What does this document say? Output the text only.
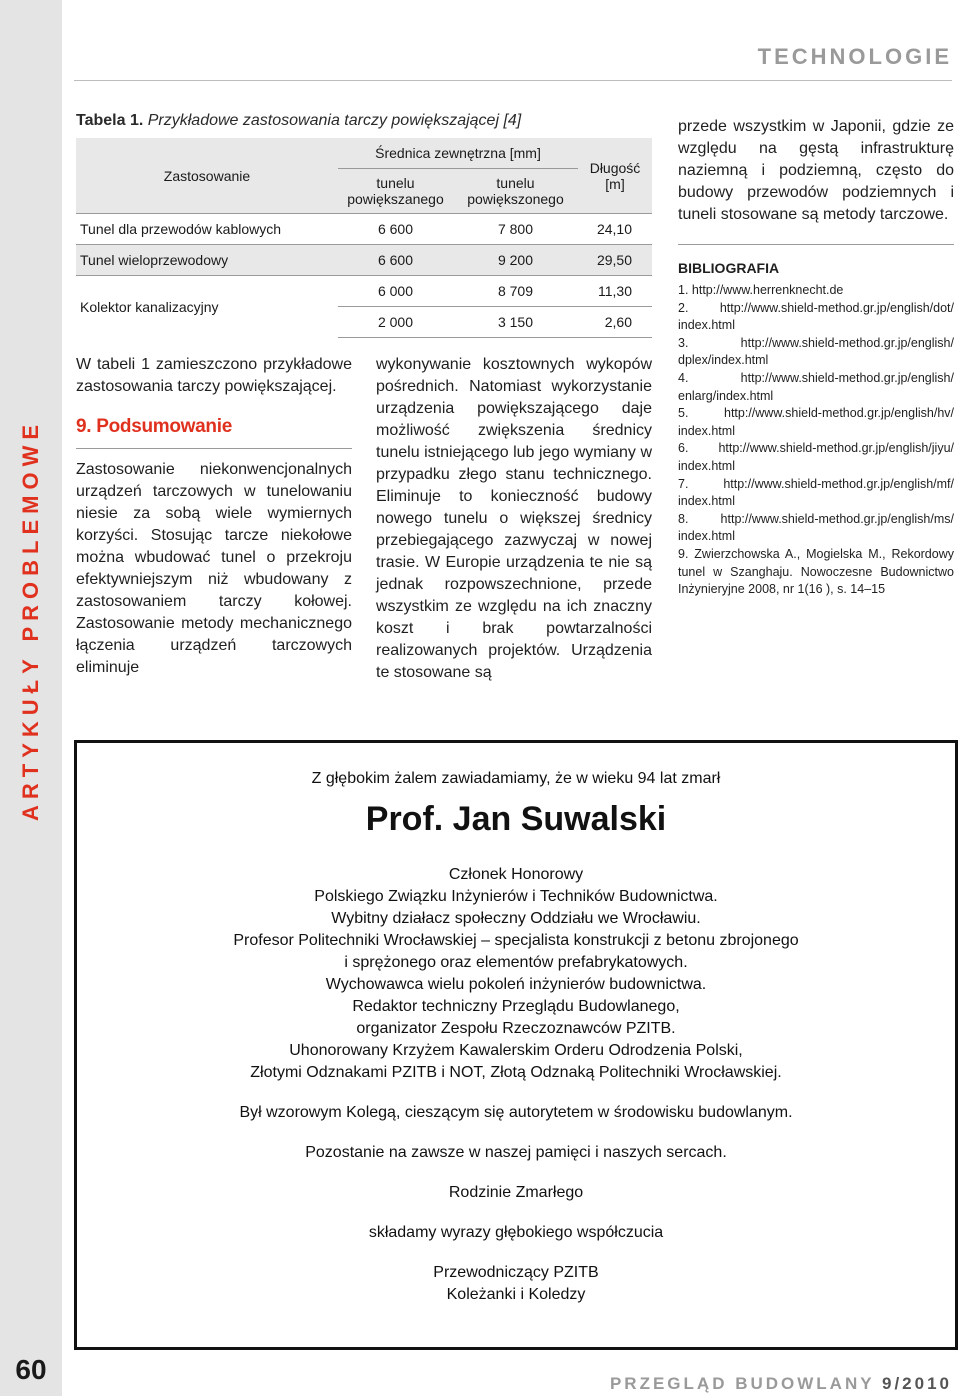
ARTYKUŁY PROBLEMOWE
60
TECHNOLOGIE
Tabela 1. Przykładowe zastosowania tarczy powiększającej [4]
Zastosowanie	Średnica zewnętrzna [mm]		Długość [m]
	tunelu powiększanego	tunelu powiększonego	
Tunel dla przewodów kablowych	6 600	7 800	24,10
Tunel wieloprzewodowy	6 600	9 200	29,50
Kolektor kanalizacyjny	6 000	8 709	11,30
	2 000	3 150	2,60

W tabeli 1 zamieszczono przykładowe zastosowania tarczy powiększającej.

9. Podsumowanie

Zastosowanie niekonwencjonalnych urządzeń tarczowych w tunelowaniu niesie za sobą wiele wymiernych korzyści. Stosując tarcze niekołowe można wbudować tunel o przekroju efektywniejszym niż wbudowany z zastosowaniem tarczy kołowej. Zastosowanie metody mechanicznego łączenia urządzeń tarczowych eliminuje

wykonywanie kosztownych wykopów pośrednich. Natomiast wykorzystanie urządzenia powiększającego daje możliwość zwiększenia średnicy tunelu istniejącego lub jego wymiany w przypadku złego stanu technicznego. Eliminuje to konieczność budowy nowego tunelu o większej średnicy przebiegającego zazwyczaj w nowej trasie. W Europie urządzenia te nie są jednak rozpowszechnione, przede wszystkim ze względu na ich znaczny koszt i brak powtarzalności realizowanych projektów. Urządzenia te stosowane są

przede wszystkim w Japonii, gdzie ze względu na gęstą infrastrukturę naziemną i podziemną, często do budowy przewodów podziemnych i tuneli stosowane są metody tarczowe.

BIBLIOGRAFIA

1. http://www.herrenknecht.de

2. http://www.shield-method.gr.jp/english/dot/ index.html

3. http://www.shield-method.gr.jp/english/ dplex/index.html

4. http://www.shield-method.gr.jp/english/ enlarg/index.html

5. http://www.shield-method.gr.jp/english/hv/ index.html

6. http://www.shield-method.gr.jp/english/jiyu/ index.html

7. http://www.shield-method.gr.jp/english/mf/ index.html

8. http://www.shield-method.gr.jp/english/ms/ index.html

9. Zwierzchowska A., Mogielska M., Rekordowy tunel w Szanghaju. Nowoczesne Budownictwo Inżynieryjne 2008, nr 1(16 ), s. 14–15

Z głębokim żalem zawiadamiamy, że w wieku 94 lat zmarł

Prof. Jan Suwalski

Członek Honorowy

Polskiego Związku Inżynierów i Techników Budownictwa.

Wybitny działacz społeczny Oddziału we Wrocławiu.

Profesor Politechniki Wrocławskiej – specjalista konstrukcji z betonu zbrojonego

i sprężonego oraz elementów prefabrykatowych.

Wychowawca wielu pokoleń inżynierów budownictwa.

Redaktor techniczny Przeglądu Budowlanego,

organizator Zespołu Rzeczoznawców PZITB.

Uhonorowany Krzyżem Kawalerskim Orderu Odrodzenia Polski,

Złotymi Odznakami PZITB i NOT, Złotą Odznaką Politechniki Wrocławskiej.

Był wzorowym Kolegą, cieszącym się autorytetem w środowisku budowlanym.

Pozostanie na zawsze w naszej pamięci i naszych sercach.

Rodzinie Zmarłego

składamy wyrazy głębokiego współczucia

Przewodniczący PZITB

Koleżanki i Koledzy

PRZEGLĄD BUDOWLANY 9/2010
